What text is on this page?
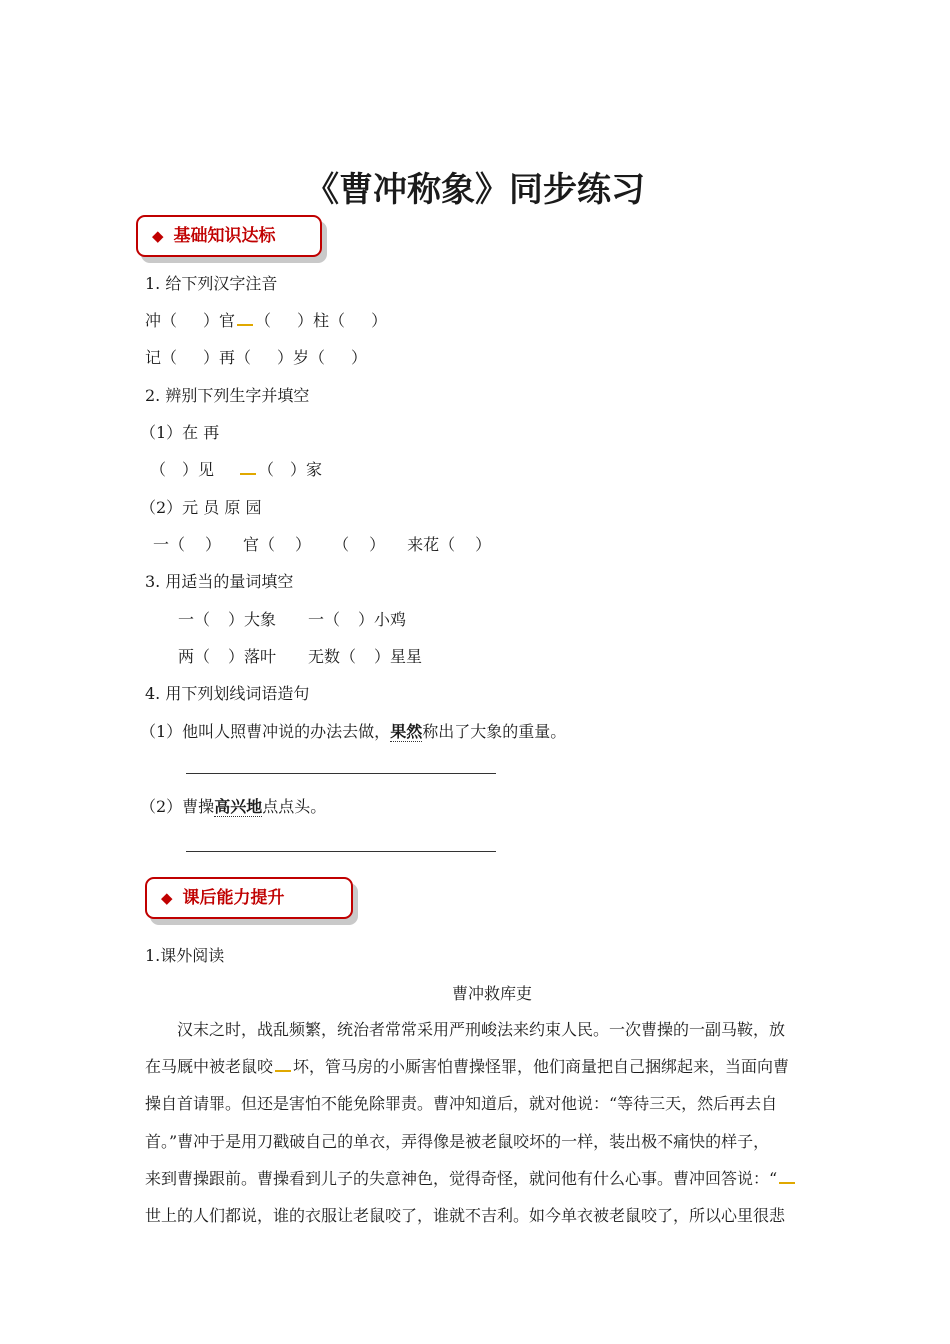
《曹冲称象》同步练习
◆ 基础知识达标
1. 给下列汉字注音
冲（ ）官 （ ）柱（ ）
记（ ）再（ ）岁（ ）
2. 辨别下列生字并填空
（1）在 再
（ ）见	（ ）家
（2）元 员 原 园
一（ ） 官（ ） （ ） 来花（ ）
3. 用适当的量词填空
一（ ）大象 一（ ）小鸡
两（ ）落叶 无数（ ）星星
4. 用下列划线词语造句
（1）他叫人照曹冲说的办法去做，果然称出了大象的重量。
（2）曹操高兴地点点头。
◆ 课后能力提升
1.课外阅读
曹冲救库吏

汉末之时，战乱频繁，统治者常常采用严刑峻法来约束人民。一次曹操的一副马鞍，放

在马厩中被老鼠咬 坏，管马房的小厮害怕曹操怪罪，他们商量把自己捆绑起来，当面向曹

操自首请罪。但还是害怕不能免除罪责。曹冲知道后，就对他说：“等待三天，然后再去自

首。”曹冲于是用刀戳破自己的单衣，弄得像是被老鼠咬坏的一样，装出极不痛快的样子，

来到曹操跟前。曹操看到儿子的失意神色，觉得奇怪，就问他有什么心事。曹冲回答说：“

世上的人们都说，谁的衣服让老鼠咬了，谁就不吉利。如今单衣被老鼠咬了，所以心里很悲
